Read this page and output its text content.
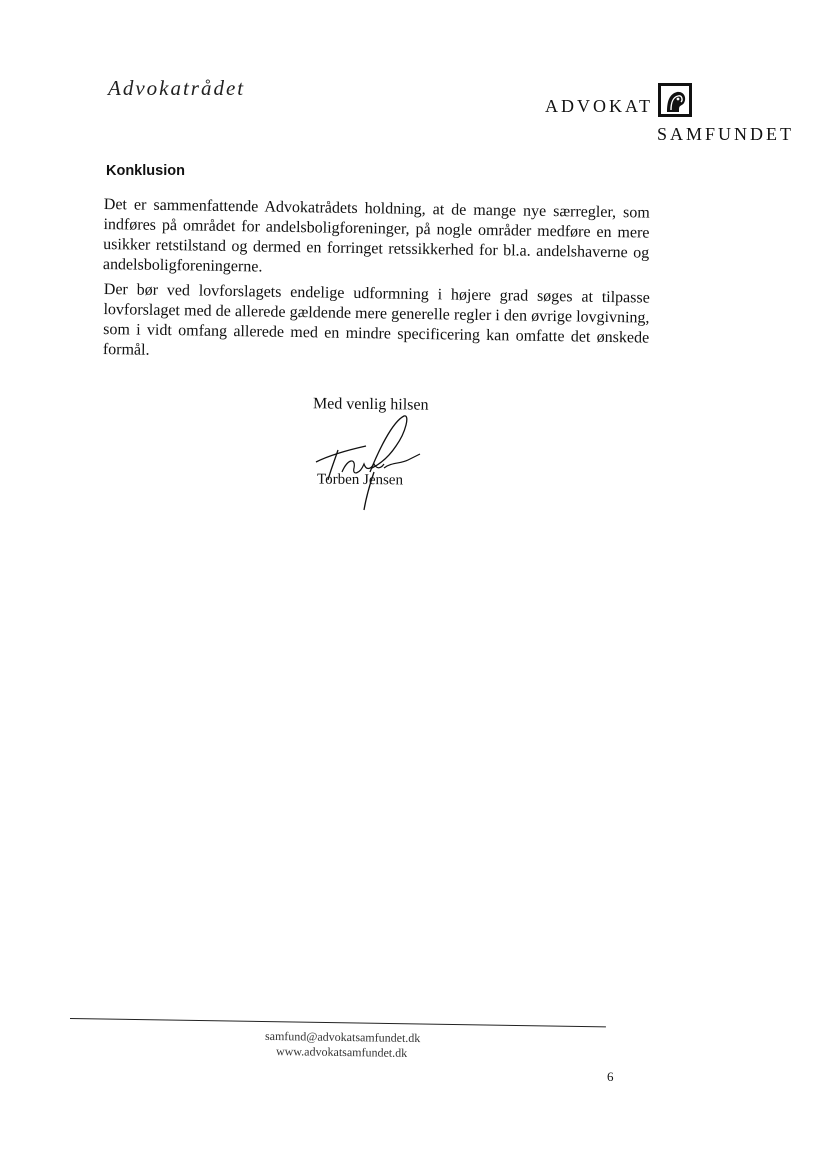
Advokatrådet
ADVOKAT
SAMFUNDET
Konklusion
Det er sammenfattende Advokatrådets holdning, at de mange nye særregler, som indføres på området for andelsboligforeninger, på nogle områder medføre en mere usikker retstilstand og dermed en forringet retssikkerhed for bl.a. andelshaverne og andelsboligforeningerne.
Der bør ved lovforslagets endelige udformning i højere grad søges at tilpasse lovforslaget med de allerede gældende mere generelle regler i den øvrige lovgivning, som i vidt omfang allerede med en mindre specificering kan omfatte det ønskede formål.
Med venlig hilsen
Torben Jensen
samfund@advokatsamfundet.dk
www.advokatsamfundet.dk
6
